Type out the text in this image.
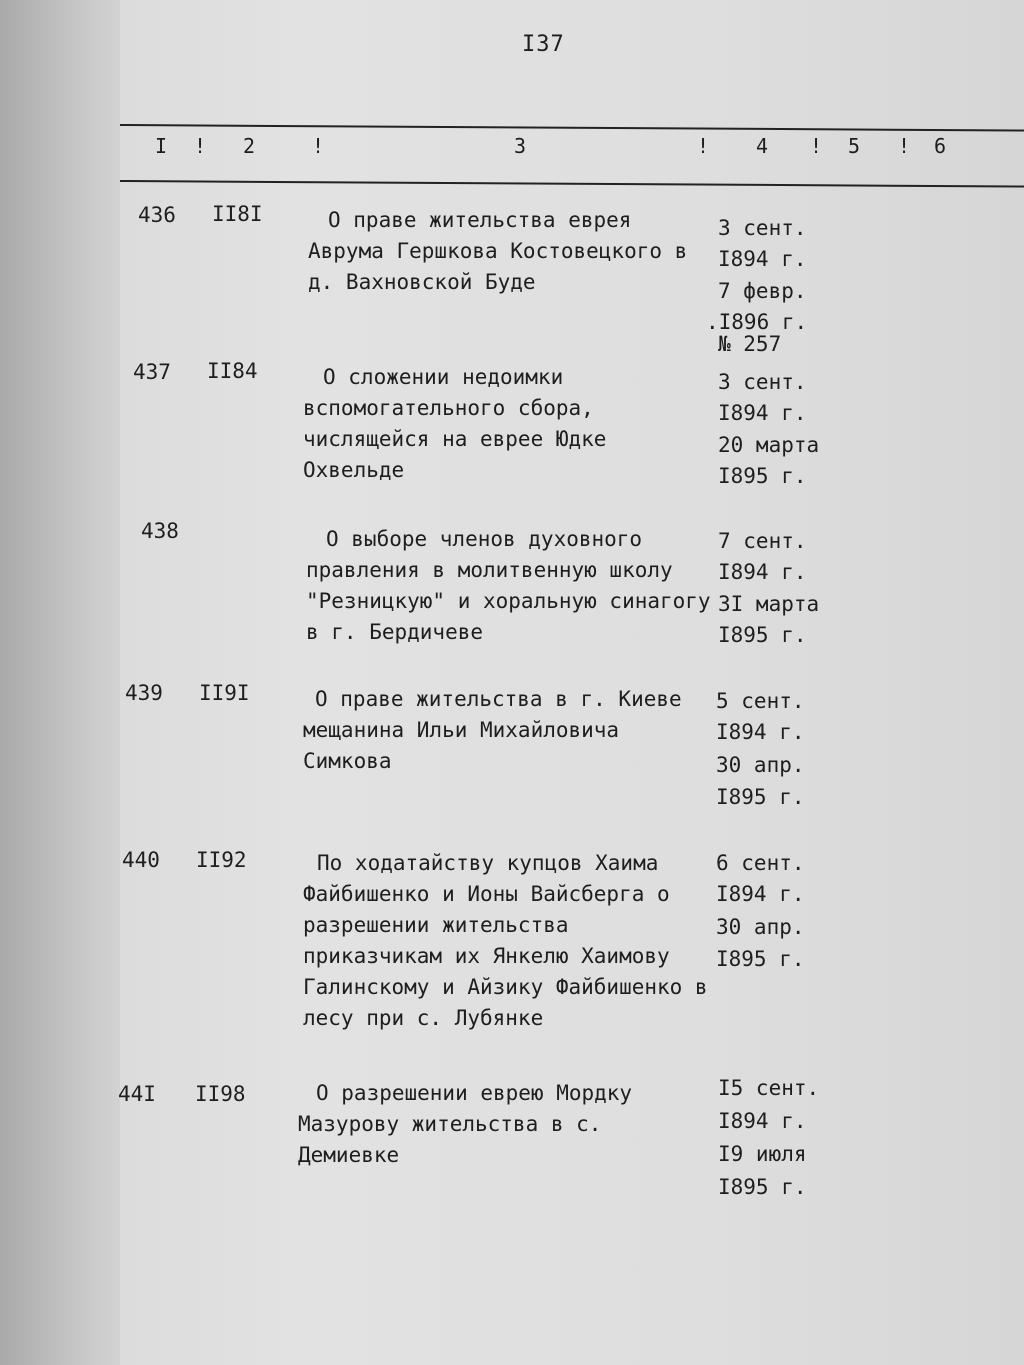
I37
I ! 2	!	3	! 4 ! 5 ! 6
436 II8I	О праве жительства еврея Аврума Гершкова Костовецкого в д. Вахновской Буде
3 сент.
I894 г.
7 февр.
.I896 г.
№ 257
437 II84	О сложении недоимки вспомогательного сбора, числящейся на еврее Юдке Охвельде
3 сент.
I894 г.
20 марта
I895 г.
438	О выборе членов духовного правления в молитвенную школу "Резницкую" и хоральную синагогу в г. Бердичеве
7 сент.
I894 г.
3I марта
I895 г.
439 II9I	О праве жительства в г. Киеве мещанина Ильи Михайловича Симкова
5 сент.
I894 г.
30 апр.
I895 г.
440 II92	По ходатайству купцов Хаима Файбишенко и Ионы Вайсберга о разрешении жительства приказчикам их Янкелю Хаимову Галинскому и Айзику Файбишенко в лесу при с. Лубянке
6 сент.
I894 г.
30 апр.
I895 г.
44I II98	О разрешении еврею Мордку Мазурову жительства в с. Демиевке
I5 сент.
I894 г.
I9 июля
I895 г.
